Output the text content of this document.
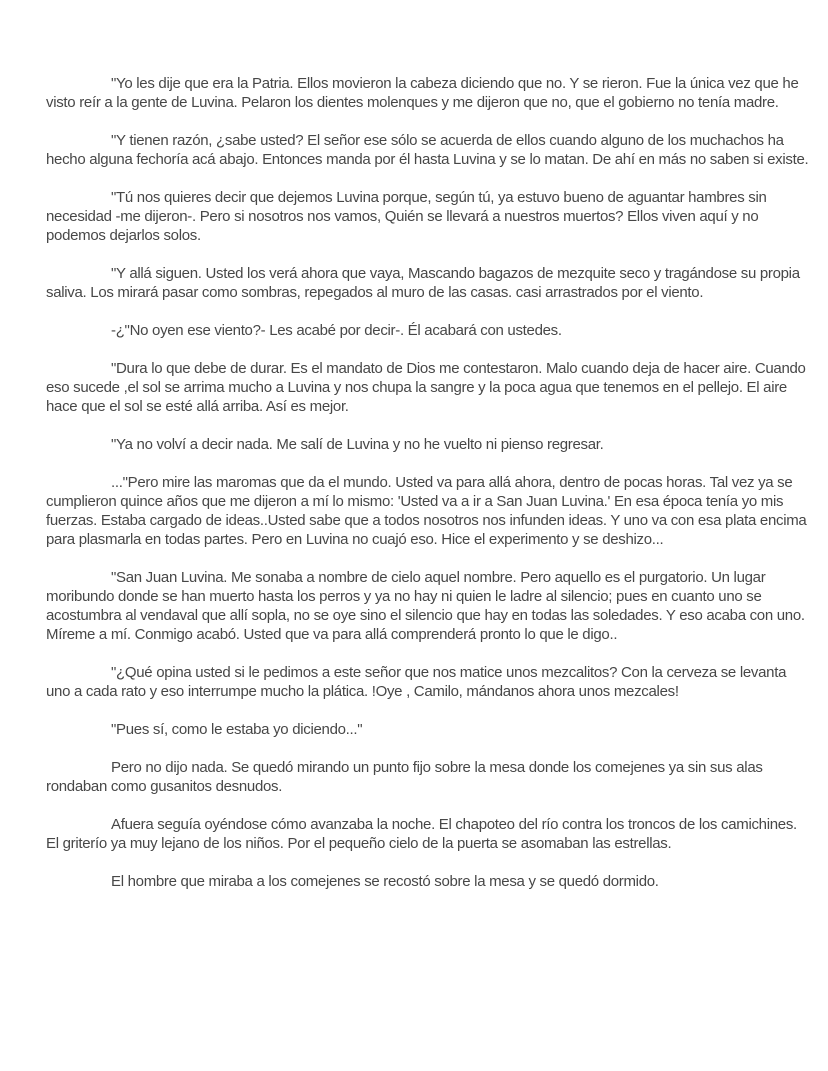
"Yo les dije que era la Patria. Ellos movieron la cabeza diciendo que no. Y se rieron. Fue la única vez que he visto reír a la gente de Luvina. Pelaron los dientes molenques y me dijeron que no, que el gobierno no tenía madre.

"Y tienen razón, ¿sabe usted? El señor ese sólo se acuerda de ellos cuando alguno de los muchachos ha hecho alguna fechoría acá abajo. Entonces manda por él hasta Luvina y se lo matan. De ahí en más no saben si existe.

"Tú nos quieres decir que dejemos Luvina porque, según tú, ya estuvo bueno de aguantar hambres sin necesidad -me dijeron-. Pero si nosotros nos vamos, Quién se llevará a nuestros muertos? Ellos viven aquí y no podemos dejarlos solos.

"Y allá siguen. Usted los verá ahora que vaya, Mascando bagazos de mezquite seco y tragándose su propia saliva. Los mirará pasar como sombras, repegados al muro de las casas. casi arrastrados por el viento.

-¿"No oyen ese viento?- Les acabé por decir-. Él acabará con ustedes.

"Dura lo que debe de durar. Es el mandato de Dios me contestaron. Malo cuando deja de hacer aire. Cuando eso sucede ,el sol se arrima mucho a Luvina y nos chupa la sangre y la poca agua que tenemos en el pellejo. El aire hace que el sol se esté allá arriba. Así es mejor.

"Ya no volví a decir nada. Me salí de Luvina y no he vuelto ni pienso regresar.

..."Pero mire las maromas que da el mundo. Usted va para allá ahora, dentro de pocas horas. Tal vez ya se cumplieron quince años que me dijeron a mí lo mismo: 'Usted va a ir a San Juan Luvina.' En esa época tenía yo mis fuerzas. Estaba cargado de ideas..Usted sabe que a todos nosotros nos infunden ideas. Y uno va con esa plata encima para plasmarla en todas partes. Pero en Luvina no cuajó eso. Hice el experimento y se deshizo...

"San Juan Luvina. Me sonaba a nombre de cielo aquel nombre. Pero aquello es el purgatorio. Un lugar moribundo donde se han muerto hasta los perros y ya no hay ni quien le ladre al silencio; pues en cuanto uno se acostumbra al vendaval que allí sopla, no se oye sino el silencio que hay en todas las soledades. Y eso acaba con uno. Míreme a mí. Conmigo acabó. Usted que va para allá comprenderá pronto lo que le digo..

"¿Qué opina usted si le pedimos a este señor que nos matice unos mezcalitos? Con la cerveza se levanta uno a cada rato y eso interrumpe mucho la plática. !Oye , Camilo, mándanos ahora unos mezcales!

"Pues sí, como le estaba yo diciendo..."

Pero no dijo nada. Se quedó mirando un punto fijo sobre la mesa donde los comejenes ya sin sus alas rondaban como gusanitos desnudos.

Afuera seguía oyéndose cómo avanzaba la noche. El chapoteo del río contra los troncos de los camichines. El griterío ya muy lejano de los niños. Por el pequeño cielo de la puerta se asomaban las estrellas.

El hombre que miraba a los comejenes se recostó sobre la mesa y se quedó dormido.
